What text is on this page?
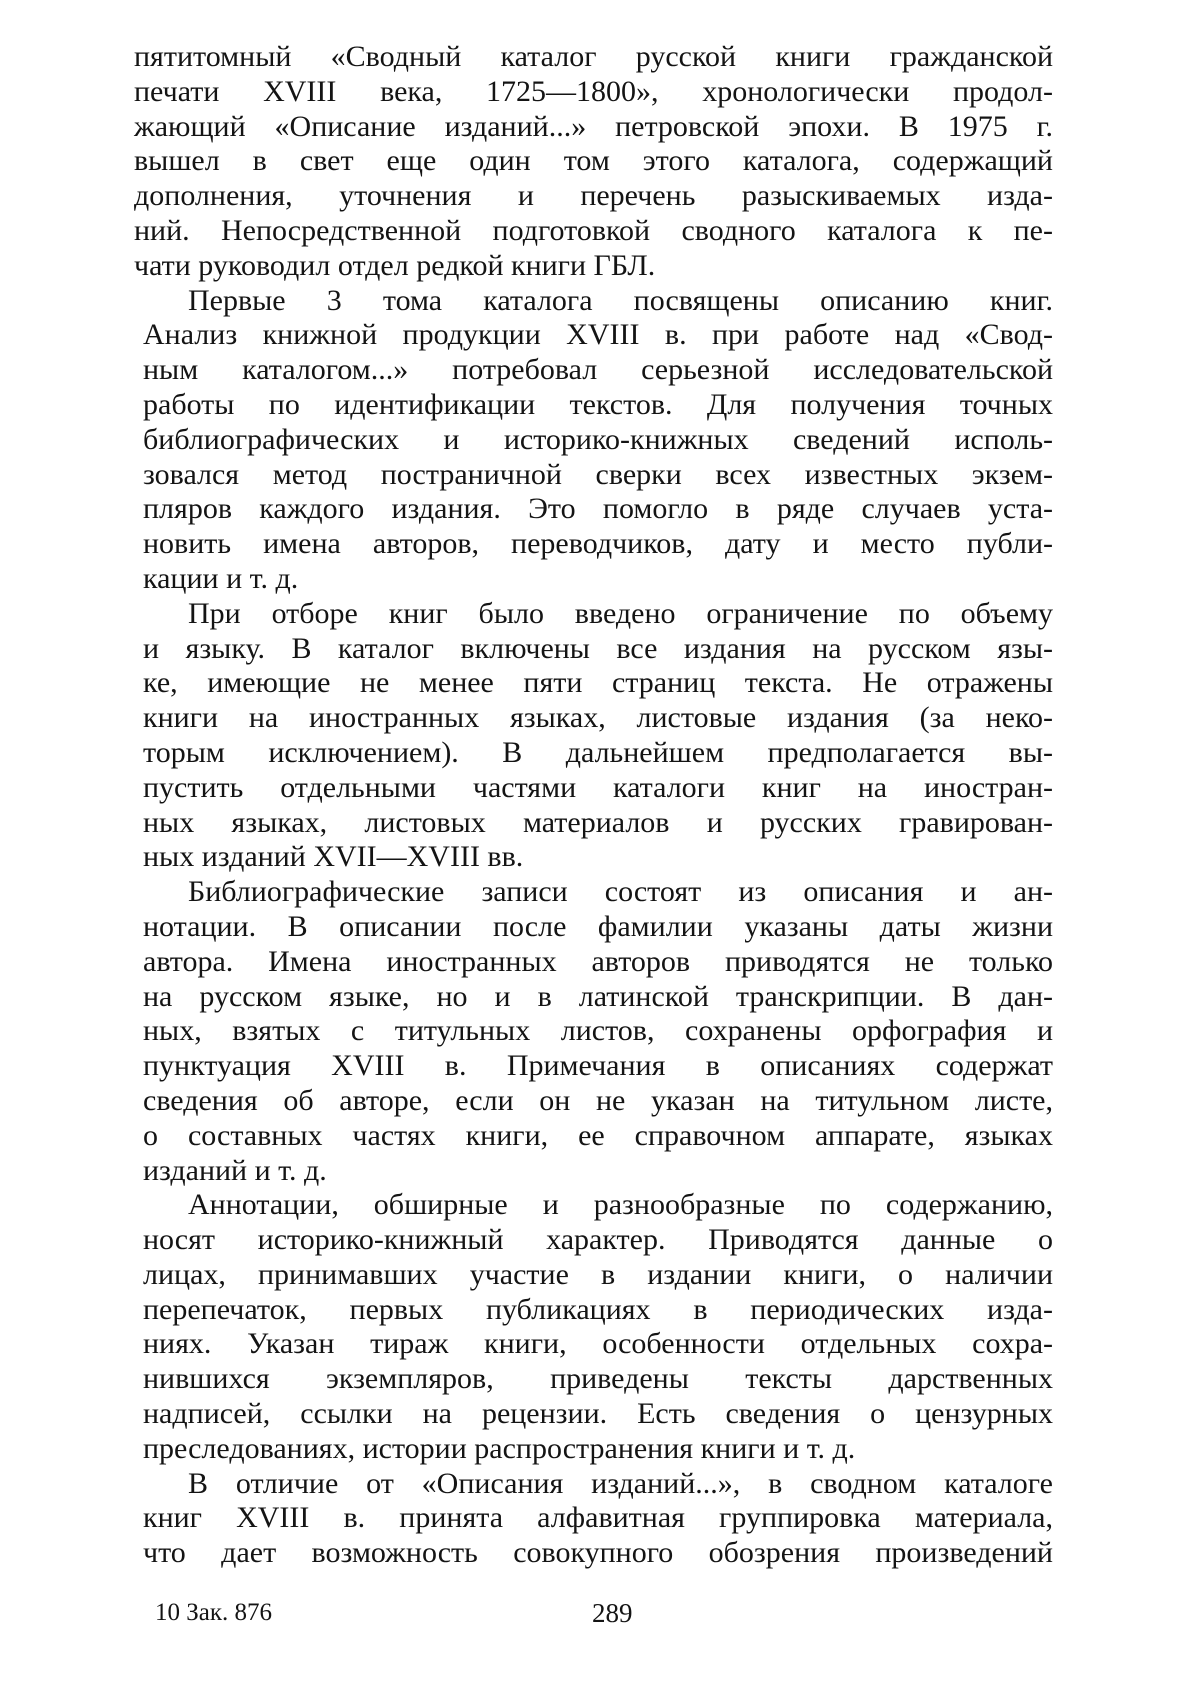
пятитомный «Сводный каталог русской книги гражданской
печати XVIII века, 1725—1800», хронологически продол-
жающий «Описание изданий...» петровской эпохи. В 1975 г.
вышел в свет еще один том этого каталога, содержащий
дополнения, уточнения и перечень разыскиваемых изда-
ний. Непосредственной подготовкой сводного каталога к пе-
чати руководил отдел редкой книги ГБЛ.
Первые 3 тома каталога посвящены описанию книг.
Анализ книжной продукции XVIII в. при работе над «Свод-
ным каталогом...» потребовал серьезной исследовательской
работы по идентификации текстов. Для получения точных
библиографических и историко-книжных сведений исполь-
зовался метод постраничной сверки всех известных экзем-
пляров каждого издания. Это помогло в ряде случаев уста-
новить имена авторов, переводчиков, дату и место публи-
кации и т. д.
При отборе книг было введено ограничение по объему
и языку. В каталог включены все издания на русском язы-
ке, имеющие не менее пяти страниц текста. Не отражены
книги на иностранных языках, листовые издания (за неко-
торым исключением). В дальнейшем предполагается вы-
пустить отдельными частями каталоги книг на иностран-
ных языках, листовых материалов и русских гравирован-
ных изданий XVII—XVIII вв.
Библиографические записи состоят из описания и ан-
нотации. В описании после фамилии указаны даты жизни
автора. Имена иностранных авторов приводятся не только
на русском языке, но и в латинской транскрипции. В дан-
ных, взятых с титульных листов, сохранены орфография и
пунктуация XVIII в. Примечания в описаниях содержат
сведения об авторе, если он не указан на титульном листе,
о составных частях книги, ее справочном аппарате, языках
изданий и т. д.
Аннотации, обширные и разнообразные по содержанию,
носят историко-книжный характер. Приводятся данные о
лицах, принимавших участие в издании книги, о наличии
перепечаток, первых публикациях в периодических изда-
ниях. Указан тираж книги, особенности отдельных сохра-
нившихся экземпляров, приведены тексты дарственных
надписей, ссылки на рецензии. Есть сведения о цензурных
преследованиях, истории распространения книги и т. д.
В отличие от «Описания изданий...», в сводном каталоге
книг XVIII в. принята алфавитная группировка материала,
что дает возможность совокупного обозрения произведений
10 Зак. 876	289
